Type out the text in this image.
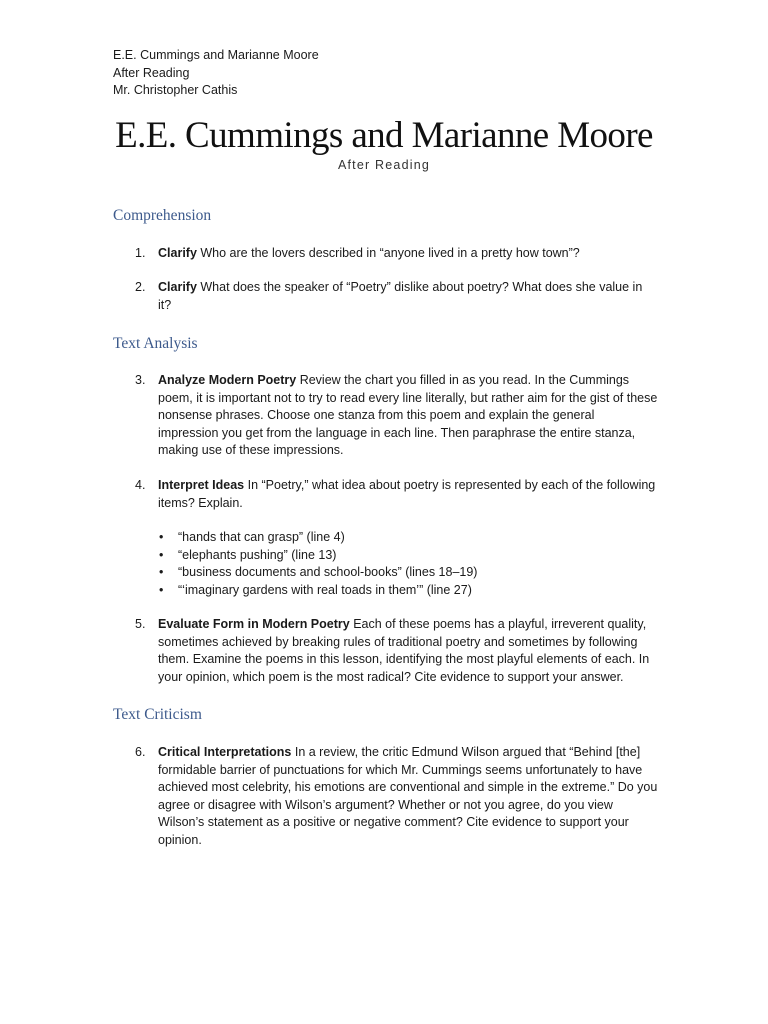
E.E. Cummings and Marianne Moore
After Reading
Mr. Christopher Cathis
E.E. Cummings and Marianne Moore
After Reading
Comprehension
1. Clarify Who are the lovers described in “anyone lived in a pretty how town”?
2. Clarify What does the speaker of “Poetry” dislike about poetry? What does she value in it?
Text Analysis
3. Analyze Modern Poetry Review the chart you filled in as you read. In the Cummings poem, it is important not to try to read every line literally, but rather aim for the gist of these nonsense phrases. Choose one stanza from this poem and explain the general impression you get from the language in each line. Then paraphrase the entire stanza, making use of these impressions.
4. Interpret Ideas In “Poetry,” what idea about poetry is represented by each of the following items? Explain.
• “hands that can grasp” (line 4)
• “elephants pushing” (line 13)
• “business documents and school-books” (lines 18–19)
• “‘imaginary gardens with real toads in them’” (line 27)
5. Evaluate Form in Modern Poetry Each of these poems has a playful, irreverent quality, sometimes achieved by breaking rules of traditional poetry and sometimes by following them. Examine the poems in this lesson, identifying the most playful elements of each. In your opinion, which poem is the most radical? Cite evidence to support your answer.
Text Criticism
6. Critical Interpretations In a review, the critic Edmund Wilson argued that “Behind [the] formidable barrier of punctuations for which Mr. Cummings seems unfortunately to have achieved most celebrity, his emotions are conventional and simple in the extreme.” Do you agree or disagree with Wilson’s argument? Whether or not you agree, do you view Wilson’s statement as a positive or negative comment? Cite evidence to support your opinion.
